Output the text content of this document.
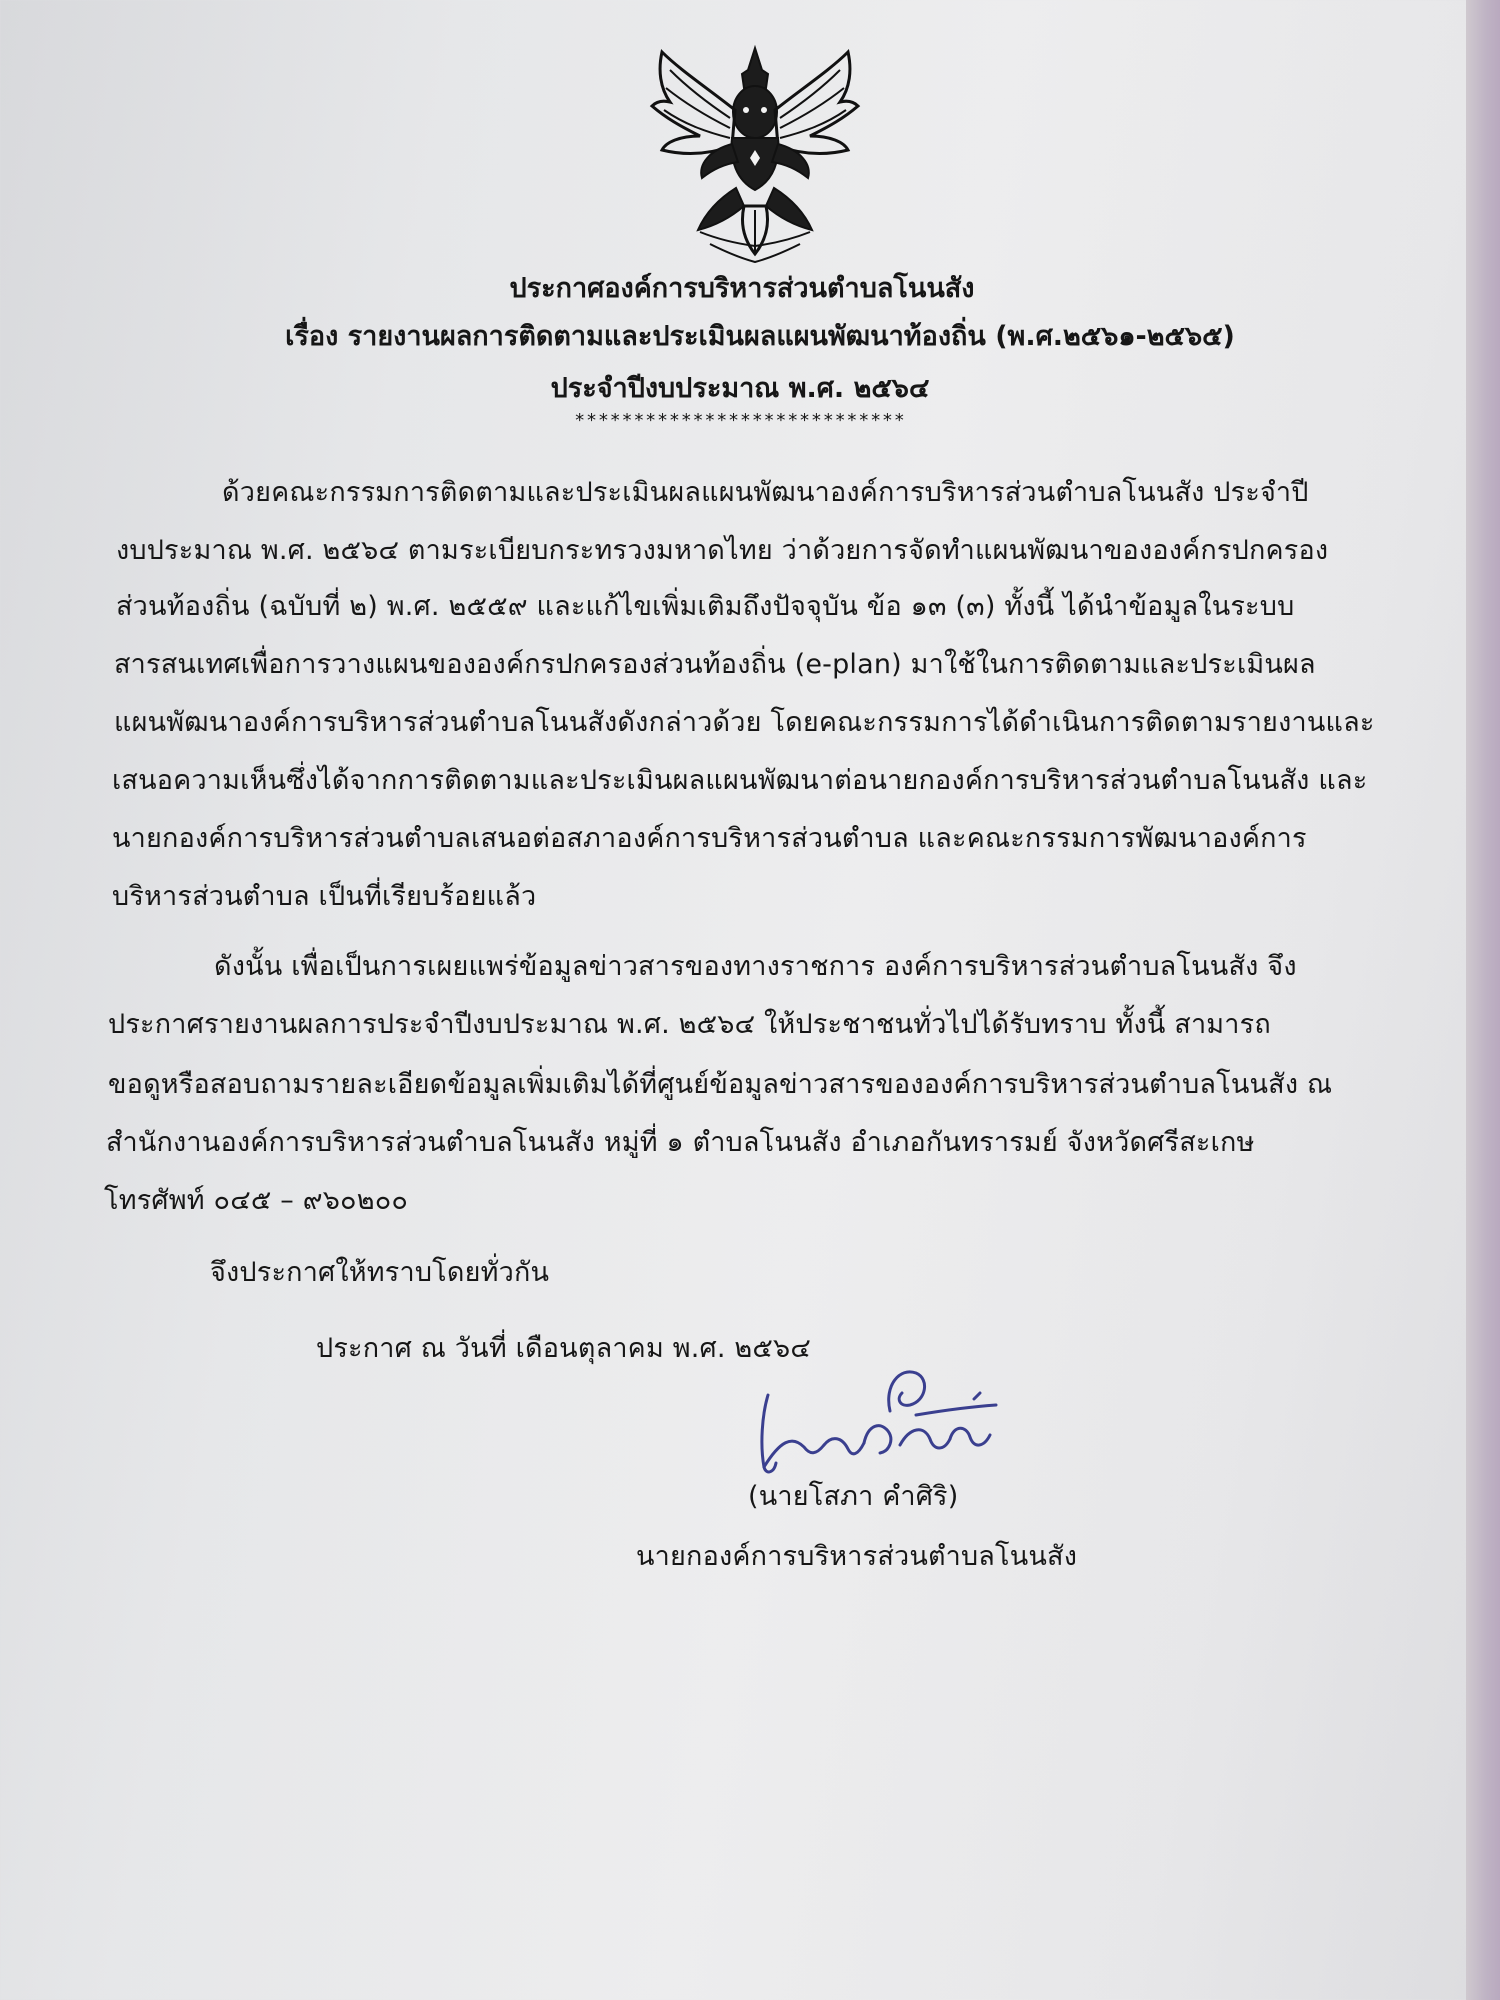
ประกาศองค์การบริหารส่วนตำบลโนนสัง
เรื่อง รายงานผลการติดตามและประเมินผลแผนพัฒนาท้องถิ่น (พ.ศ.๒๕๖๑-๒๕๖๕)
ประจำปีงบประมาณ พ.ศ. ๒๕๖๔
****************************
ด้วยคณะกรรมการติดตามและประเมินผลแผนพัฒนาองค์การบริหารส่วนตำบลโนนสัง ประจำปี
งบประมาณ พ.ศ. ๒๕๖๔ ตามระเบียบกระทรวงมหาดไทย ว่าด้วยการจัดทำแผนพัฒนาขององค์กรปกครอง
ส่วนท้องถิ่น (ฉบับที่ ๒) พ.ศ. ๒๕๕๙ และแก้ไขเพิ่มเติมถึงปัจจุบัน ข้อ ๑๓ (๓) ทั้งนี้ ได้นำข้อมูลในระบบ
สารสนเทศเพื่อการวางแผนขององค์กรปกครองส่วนท้องถิ่น (e-plan) มาใช้ในการติดตามและประเมินผล
แผนพัฒนาองค์การบริหารส่วนตำบลโนนสังดังกล่าวด้วย โดยคณะกรรมการได้ดำเนินการติดตามรายงานและ
เสนอความเห็นซึ่งได้จากการติดตามและประเมินผลแผนพัฒนาต่อนายกองค์การบริหารส่วนตำบลโนนสัง และ
นายกองค์การบริหารส่วนตำบลเสนอต่อสภาองค์การบริหารส่วนตำบล และคณะกรรมการพัฒนาองค์การ
บริหารส่วนตำบล เป็นที่เรียบร้อยแล้ว
ดังนั้น เพื่อเป็นการเผยแพร่ข้อมูลข่าวสารของทางราชการ องค์การบริหารส่วนตำบลโนนสัง จึง
ประกาศรายงานผลการประจำปีงบประมาณ พ.ศ. ๒๕๖๔ ให้ประชาชนทั่วไปได้รับทราบ ทั้งนี้ สามารถ
ขอดูหรือสอบถามรายละเอียดข้อมูลเพิ่มเติมได้ที่ศูนย์ข้อมูลข่าวสารขององค์การบริหารส่วนตำบลโนนสัง ณ
สำนักงานองค์การบริหารส่วนตำบลโนนสัง หมู่ที่ ๑ ตำบลโนนสัง อำเภอกันทรารมย์ จังหวัดศรีสะเกษ
โทรศัพท์ ๐๔๕ – ๙๖๐๒๐๐
จึงประกาศให้ทราบโดยทั่วกัน
ประกาศ ณ วันที่ เดือนตุลาคม พ.ศ. ๒๕๖๔
(นายโสภา คำศิริ)
นายกองค์การบริหารส่วนตำบลโนนสัง
